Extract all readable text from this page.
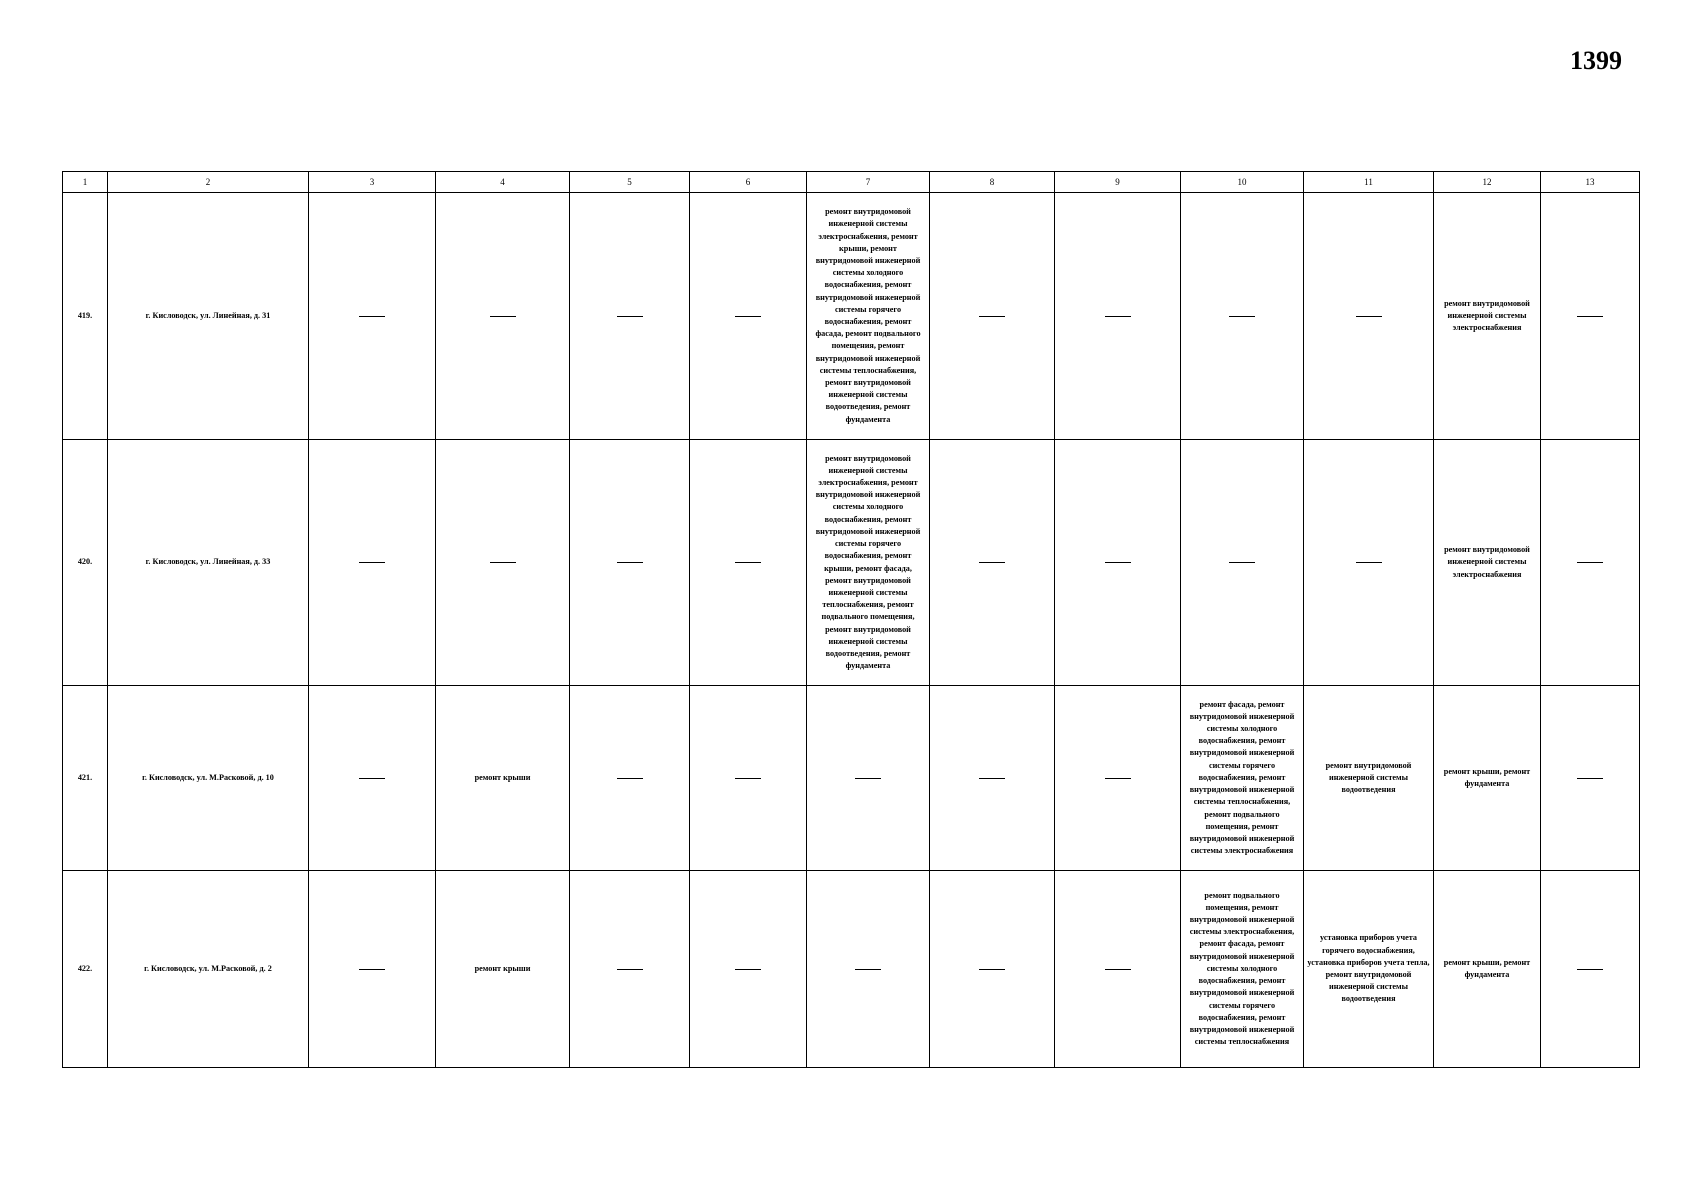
1399
1	2	3	4	5	6	7	8	9	10	11	12	13
419.	г. Кисловодск, ул. Линейная, д. 31					ремонт внутридомовой инженерной системы электроснабжения, ремонт крыши, ремонт внутридомовой инженерной системы холодного водоснабжения, ремонт внутридомовой инженерной системы горячего водоснабжения, ремонт фасада, ремонт подвального помещения, ремонт внутридомовой инженерной системы теплоснабжения, ремонт внутридомовой инженерной системы водоотведения, ремонт фундамента					ремонт внутридомовой инженерной системы электроснабжения	
420.	г. Кисловодск, ул. Линейная, д. 33					ремонт внутридомовой инженерной системы электроснабжения, ремонт внутридомовой инженерной системы холодного водоснабжения, ремонт внутридомовой инженерной системы горячего водоснабжения, ремонт крыши, ремонт фасада, ремонт внутридомовой инженерной системы теплоснабжения, ремонт подвального помещения, ремонт внутридомовой инженерной системы водоотведения, ремонт фундамента					ремонт внутридомовой инженерной системы электроснабжения	
421.	г. Кисловодск, ул. М.Расковой, д. 10		ремонт крыши						ремонт фасада, ремонт внутридомовой инженерной системы холодного водоснабжения, ремонт внутридомовой инженерной системы горячего водоснабжения, ремонт внутридомовой инженерной системы теплоснабжения, ремонт подвального помещения, ремонт внутридомовой инженерной системы электроснабжения	ремонт внутридомовой инженерной системы водоотведения	ремонт крыши, ремонт фундамента	
422.	г. Кисловодск, ул. М.Расковой, д. 2		ремонт крыши						ремонт подвального помещения, ремонт внутридомовой инженерной системы электроснабжения, ремонт фасада, ремонт внутридомовой инженерной системы холодного водоснабжения, ремонт внутридомовой инженерной системы горячего водоснабжения, ремонт внутридомовой инженерной системы теплоснабжения	установка приборов учета горячего водоснабжения, установка приборов учета тепла, ремонт внутридомовой инженерной системы водоотведения	ремонт крыши, ремонт фундамента	
